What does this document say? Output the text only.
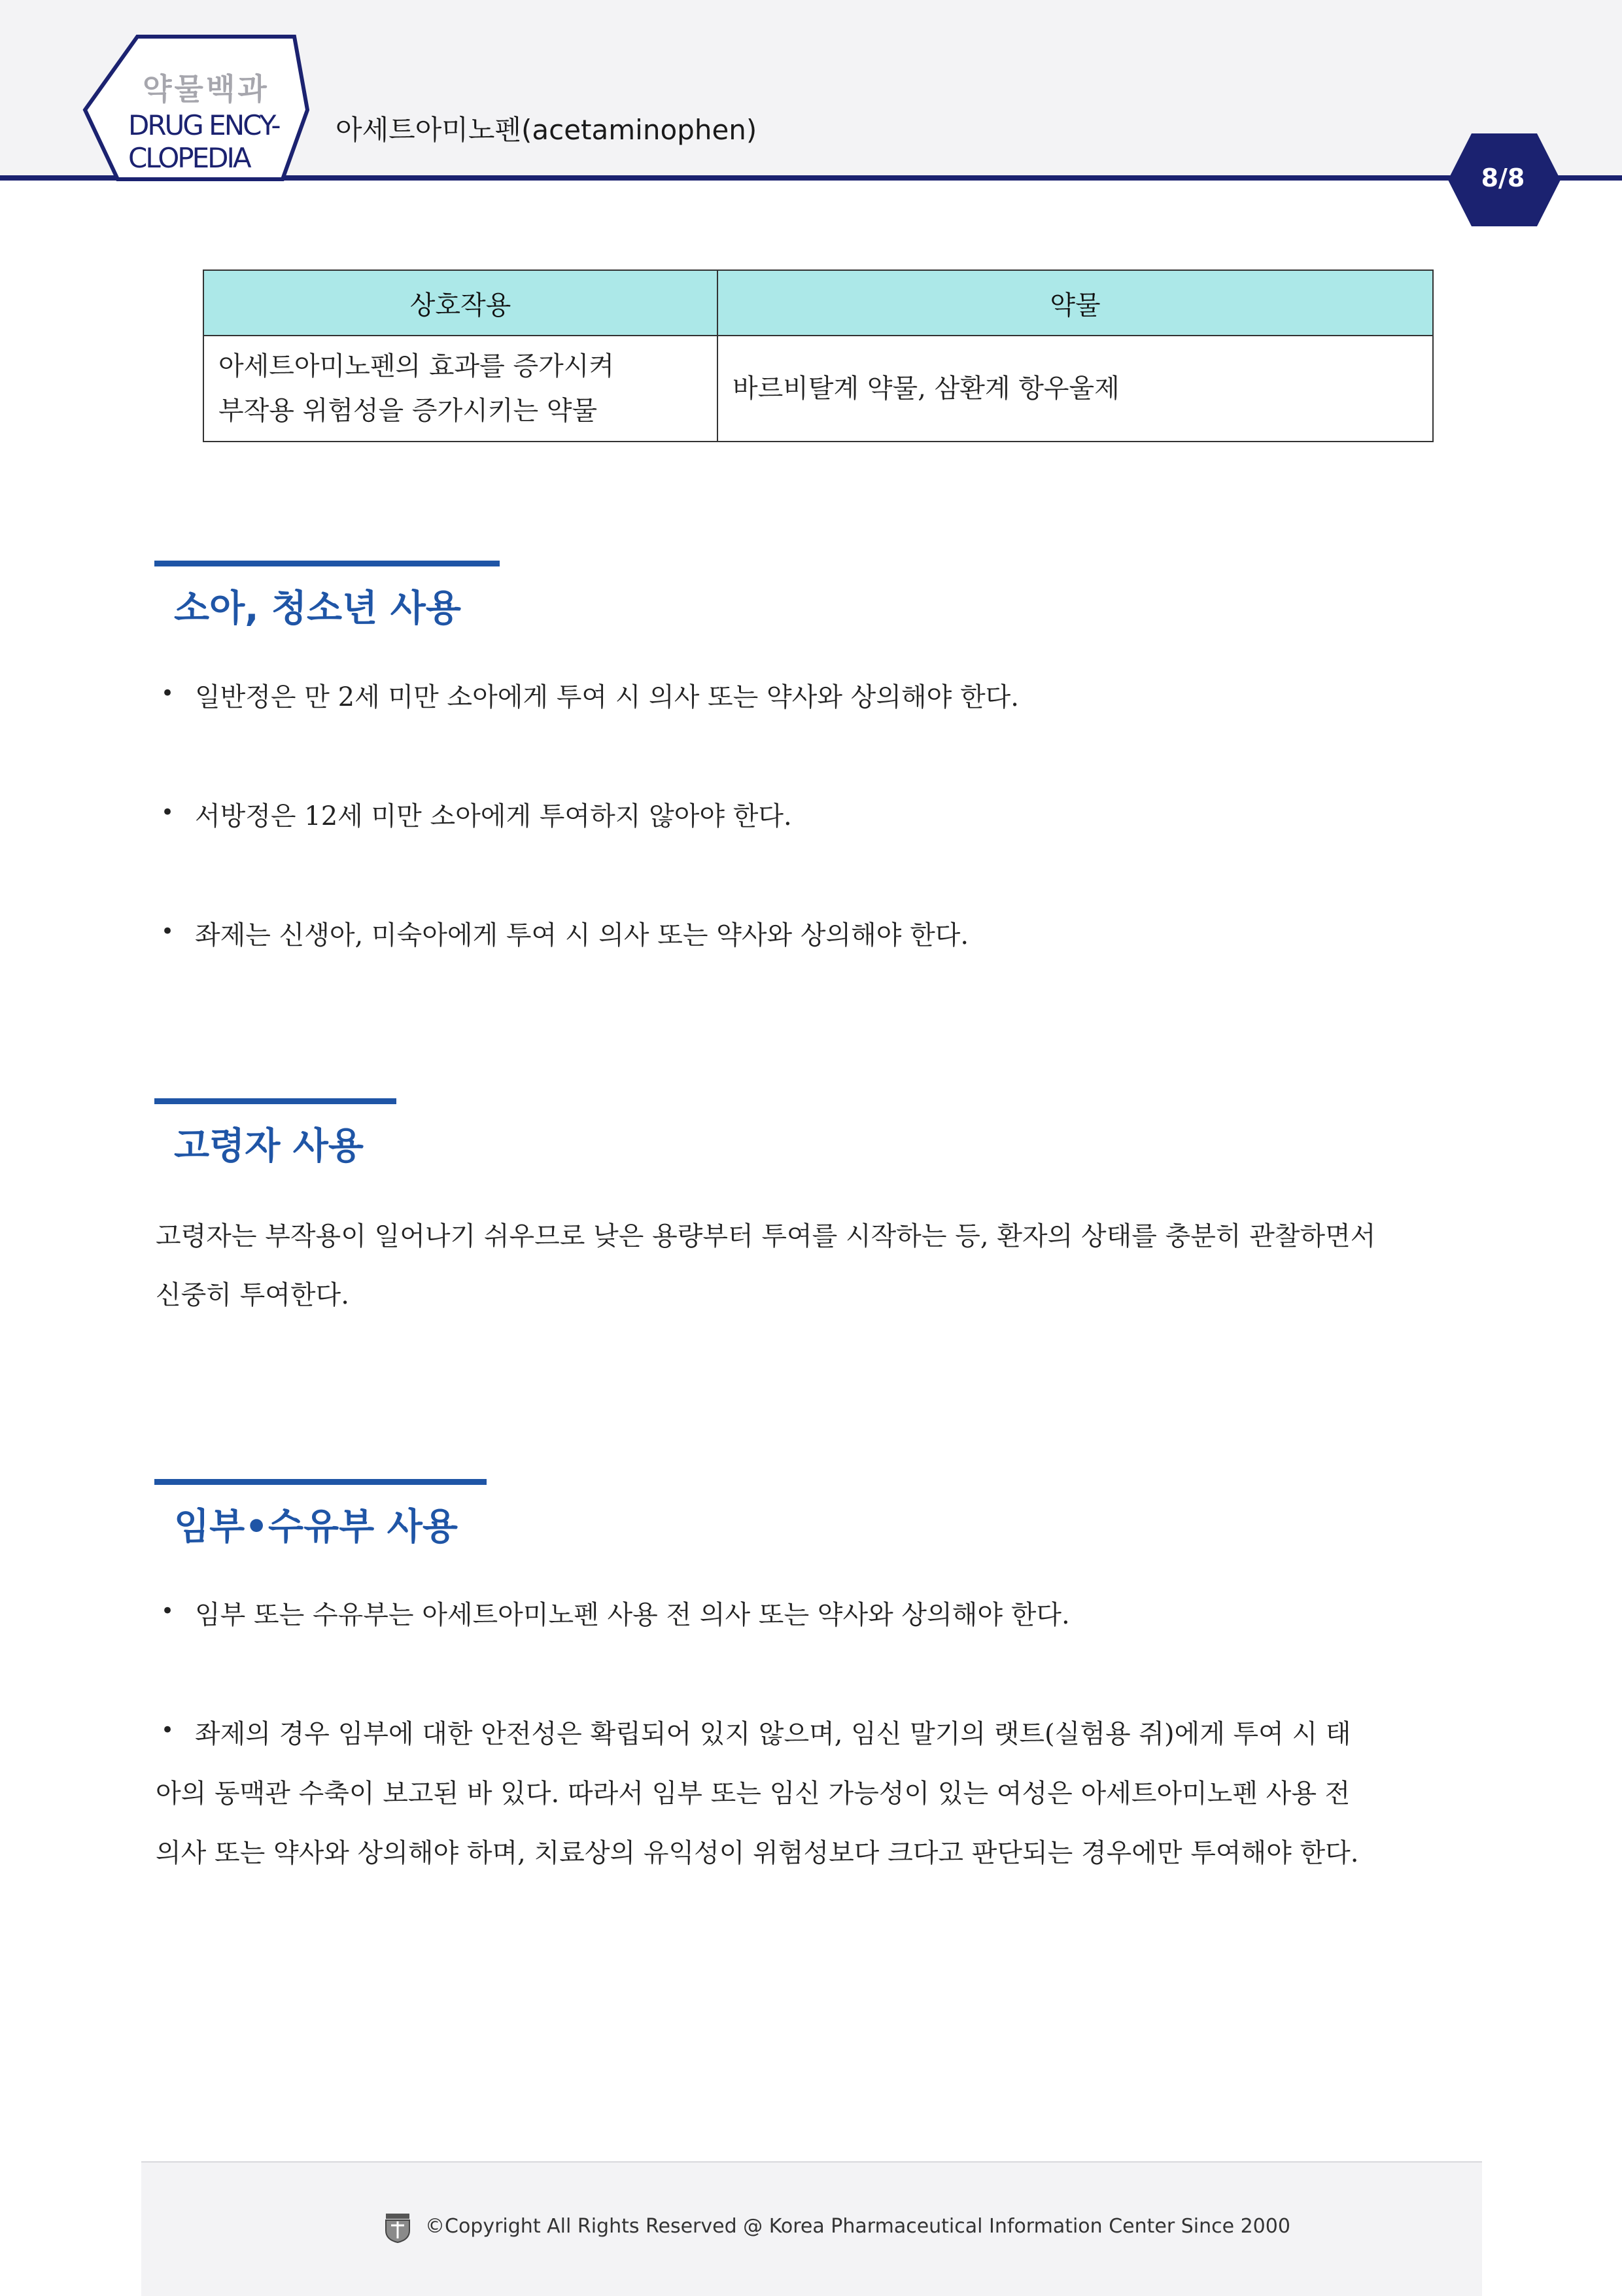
약물백과
DRUG ENCY-
CLOPEDIA
아세트아미노펜(acetaminophen)
8/8
상호작용	약물

아세트아미노펜의 효과를 증가시켜
부작용 위험성을 증가시키는 약물	바르비탈계 약물, 삼환계 항우울제
소아, 청소년 사용
• 일반정은 만 2세 미만 소아에게 투여 시 의사 또는 약사와 상의해야 한다.
• 서방정은 12세 미만 소아에게 투여하지 않아야 한다.
• 좌제는 신생아, 미숙아에게 투여 시 의사 또는 약사와 상의해야 한다.
고령자 사용
고령자는 부작용이 일어나기 쉬우므로 낮은 용량부터 투여를 시작하는 등, 환자의 상태를 충분히 관찰하면서
신중히 투여한다.
임부•수유부 사용
• 임부 또는 수유부는 아세트아미노펜 사용 전 의사 또는 약사와 상의해야 한다.
• 좌제의 경우 임부에 대한 안전성은 확립되어 있지 않으며, 임신 말기의 랫트(실험용 쥐)에게 투여 시 태
아의 동맥관 수축이 보고된 바 있다. 따라서 임부 또는 임신 가능성이 있는 여성은 아세트아미노펜 사용 전
의사 또는 약사와 상의해야 하며, 치료상의 유익성이 위험성보다 크다고 판단되는 경우에만 투여해야 한다.
©Copyright All Rights Reserved @ Korea Pharmaceutical Information Center Since 2000
